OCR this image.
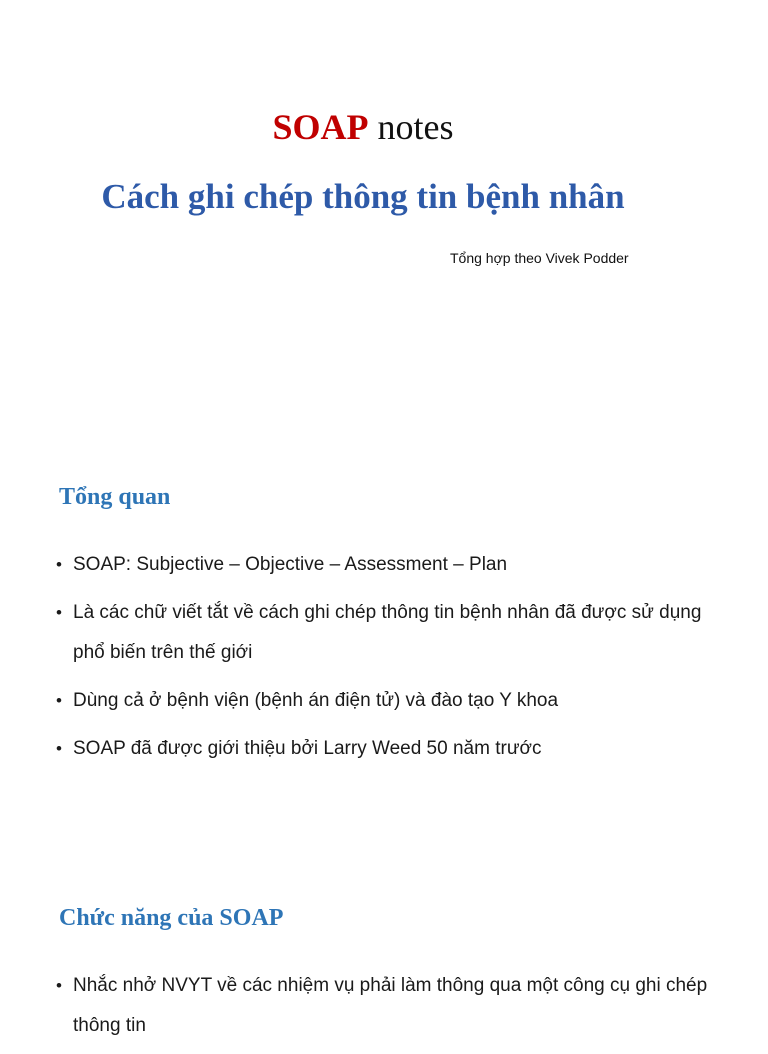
SOAP notes
Cách ghi chép thông tin bệnh nhân
Tổng hợp theo Vivek Podder
Tổng quan
• SOAP: Subjective – Objective – Assessment – Plan
• Là các chữ viết tắt về cách ghi chép thông tin bệnh nhân đã được sử dụng phổ biến trên thế giới
• Dùng cả ở bệnh viện (bệnh án điện tử) và đào tạo Y khoa
• SOAP đã được giới thiệu bởi Larry Weed 50 năm trước
Chức năng của SOAP
• Nhắc nhở NVYT về các nhiệm vụ phải làm thông qua một công cụ ghi chép thông tin
